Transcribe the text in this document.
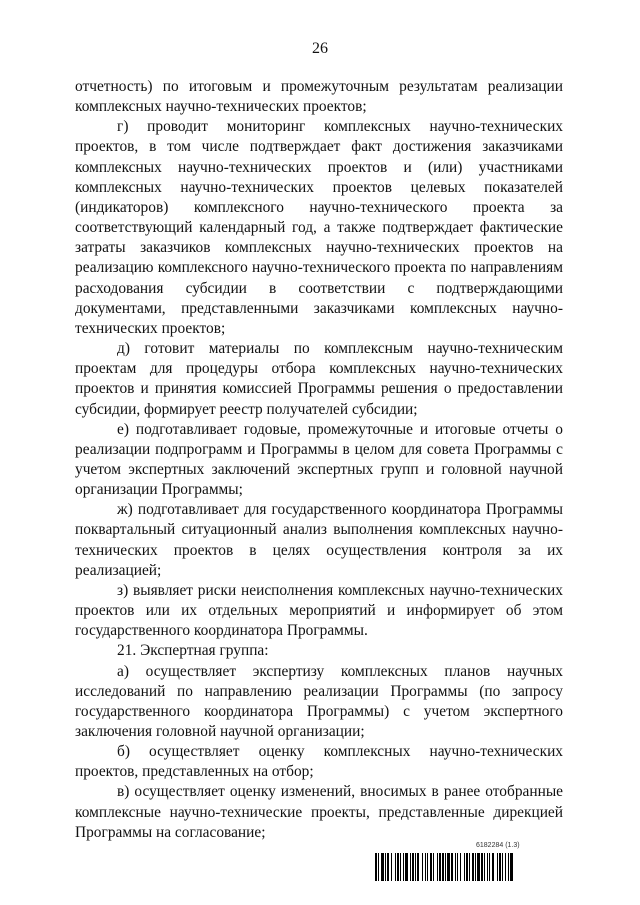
26

отчетность) по итоговым и промежуточным результатам реализации комплексных научно-технических проектов;

г) проводит мониторинг комплексных научно-технических проектов, в том числе подтверждает факт достижения заказчиками комплексных научно-технических проектов и (или) участниками комплексных научно-технических проектов целевых показателей (индикаторов) комплексного научно-технического проекта за соответствующий календарный год, а также подтверждает фактические затраты заказчиков комплексных научно-технических проектов на реализацию комплексного научно-технического проекта по направлениям расходования субсидии в соответствии с подтверждающими документами, представленными заказчиками комплексных научно-технических проектов;

д) готовит материалы по комплексным научно-техническим проектам для процедуры отбора комплексных научно-технических проектов и принятия комиссией Программы решения о предоставлении субсидии, формирует реестр получателей субсидии;

е) подготавливает годовые, промежуточные и итоговые отчеты о реализации подпрограмм и Программы в целом для совета Программы с учетом экспертных заключений экспертных групп и головной научной организации Программы;

ж) подготавливает для государственного координатора Программы поквартальный ситуационный анализ выполнения комплексных научно-технических проектов в целях осуществления контроля за их реализацией;

з) выявляет риски неисполнения комплексных научно-технических проектов или их отдельных мероприятий и информирует об этом государственного координатора Программы.

21. Экспертная группа:

а) осуществляет экспертизу комплексных планов научных исследований по направлению реализации Программы (по запросу государственного координатора Программы) с учетом экспертного заключения головной научной организации;

б) осуществляет оценку комплексных научно-технических проектов, представленных на отбор;

в) осуществляет оценку изменений, вносимых в ранее отобранные комплексные научно-технические проекты, представленные дирекцией Программы на согласование;

6182284 (1.3)
